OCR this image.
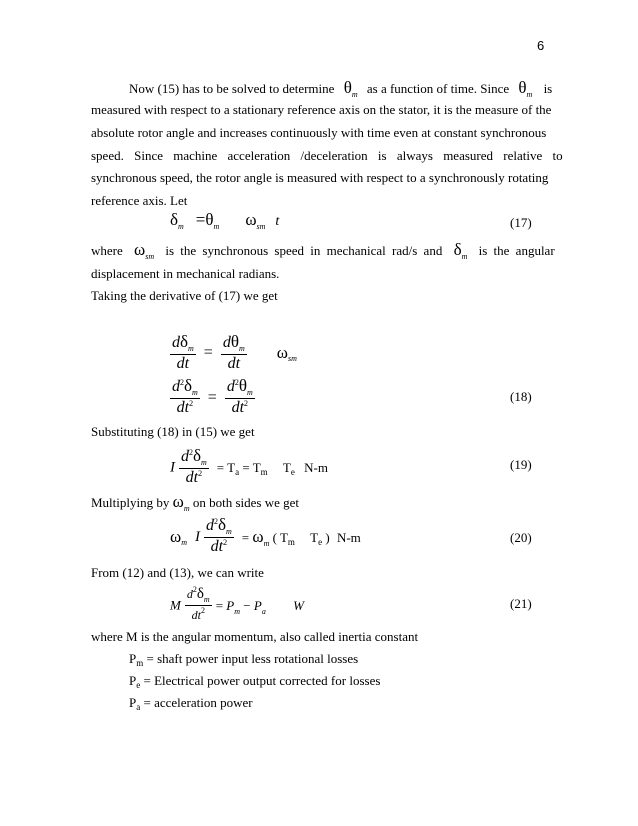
6
Now (15) has to be solved to determine $\theta_m$ as a function of time. Since $\theta_m$ is
measured with respect to a stationary reference axis on the stator, it is the measure of the
absolute rotor angle and increases continuously with time even at constant synchronous
speed. Since machine acceleration /deceleration is always measured relative to
synchronous speed, the rotor angle is measured with respect to a synchronously rotating
reference axis. Let
$\delta_m =\theta_m$ $\omega_{sm}$ t	(17)
where $\omega_{sm}$ is the synchronous speed in mechanical rad/s and $\delta_m$ is the angular
displacement in mechanical radians.
Taking the derivative of (17) we get
$\frac{d\delta_m}{dt} = \frac{d\theta_m}{dt} \omega_{sm}$
$\frac{d^2\delta_m}{dt^2} = \frac{d^2\theta_m}{dt^2}$	(18)
Substituting (18) in (15) we get
I $\frac{d^2\delta_m}{dt^2} = T_a = T_m$ $T_e$ N-m	(19)
Multiplying by $\omega_m$ on both sides we get
$\omega_m$ I $\frac{d^2\delta_m}{dt^2} = \omega_m$ ( $T_m$ $T_e$ ) N-m	(20)
From (12) and (13), we can write
M $\frac{d^2\delta_m}{dt^2} = P_m - P_a$ W	(21)
where M is the angular momentum, also called inertia constant
$P_m$ = shaft power input less rotational losses
$P_e$ = Electrical power output corrected for losses
$P_a$ = acceleration power
